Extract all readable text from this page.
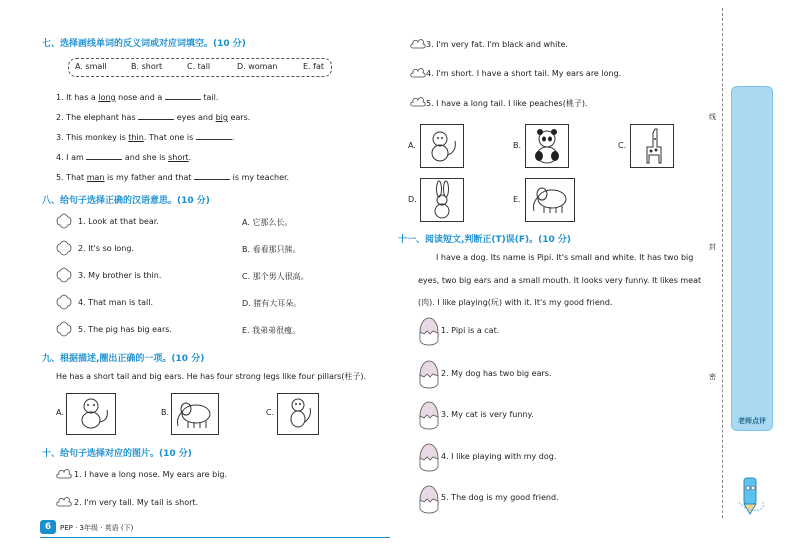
七、选择画线单词的反义词或对应词填空。(10 分)
A. small	B. short	C. tall	D. woman	E. fat
1. It has a long nose and a	tail.
2. The elephant has	eyes and big ears.
3. This monkey is thin. That one is	.
4. I am	and she is short.
5. That man is my father and that	is my teacher.
八、给句子选择正确的汉语意思。(10 分)
1. Look at that bear.	A. 它那么长。
2. It's so long.	B. 看看那只熊。
3. My brother is thin.	C. 那个男人很高。
4. That man is tall.	D. 猪有大耳朵。
5. The pig has big ears.	E. 我弟弟很瘦。
九、根据描述,圈出正确的一项。(10 分)
He has a short tail and big ears. He has four strong legs like four pillars(柱子).
A.	B.	C.
十、给句子选择对应的图片。(10 分)
1. I have a long nose. My ears are big.
2. I'm very tall. My tail is short.
6	PEP · 3年级 · 英语 (下)
3. I'm very fat. I'm black and white.
4. I'm short. I have a short tail. My ears are long.
5. I have a long tail. I like peaches(桃子).
A.	B.	C.
D.	E.
十一、阅读短文,判断正(T)误(F)。(10 分)
I have a dog. Its name is Pipi. It's small and white. It has two big
eyes, two big ears and a small mouth. It looks very funny. It likes meat
(肉). I like playing(玩) with it. It's my good friend.
1. Pipi is a cat.
2. My dog has two big ears.
3. My cat is very funny.
4. I like playing with my dog.
5. The dog is my good friend.
线
封
密
老师点评
